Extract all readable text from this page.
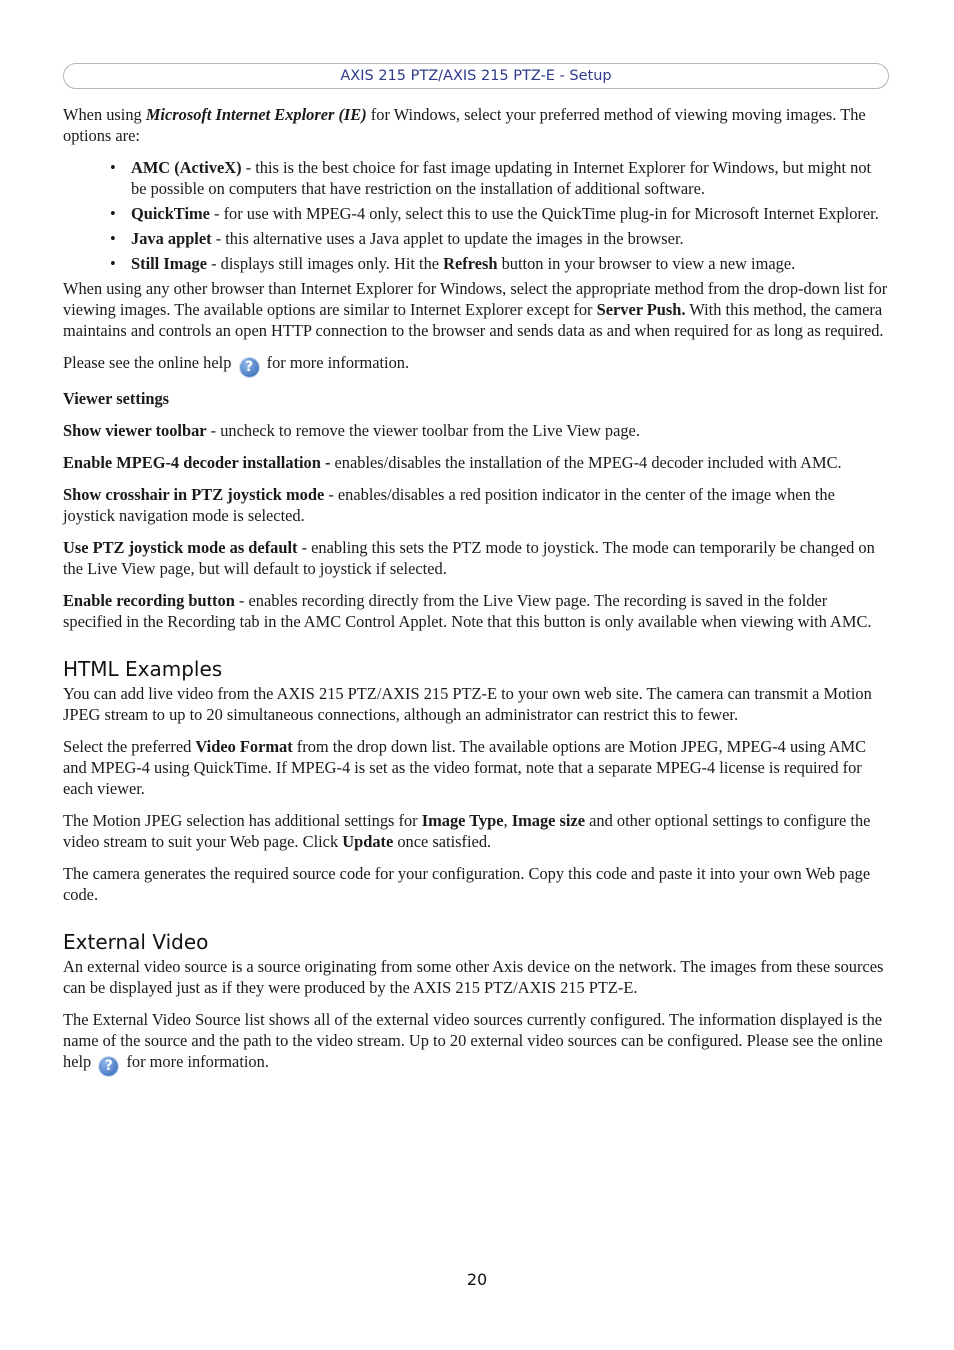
AXIS 215 PTZ/AXIS 215 PTZ-E - Setup

When using Microsoft Internet Explorer (IE) for Windows, select your preferred method of viewing moving images. The options are:

• AMC (ActiveX) - this is the best choice for fast image updating in Internet Explorer for Windows, but might not be possible on computers that have restriction on the installation of additional software.
• QuickTime - for use with MPEG-4 only, select this to use the QuickTime plug-in for Microsoft Internet Explorer.
• Java applet - this alternative uses a Java applet to update the images in the browser.
• Still Image - displays still images only. Hit the Refresh button in your browser to view a new image.

When using any other browser than Internet Explorer for Windows, select the appropriate method from the drop-down list for viewing images. The available options are similar to Internet Explorer except for Server Push. With this method, the camera maintains and controls an open HTTP connection to the browser and sends data as and when required for as long as required.

Please see the online help ? for more information.

Viewer settings

Show viewer toolbar - uncheck to remove the viewer toolbar from the Live View page.

Enable MPEG-4 decoder installation - enables/disables the installation of the MPEG-4 decoder included with AMC.

Show crosshair in PTZ joystick mode - enables/disables a red position indicator in the center of the image when the joystick navigation mode is selected.

Use PTZ joystick mode as default - enabling this sets the PTZ mode to joystick. The mode can temporarily be changed on the Live View page, but will default to joystick if selected.

Enable recording button - enables recording directly from the Live View page. The recording is saved in the folder specified in the Recording tab in the AMC Control Applet. Note that this button is only available when viewing with AMC.

HTML Examples

You can add live video from the AXIS 215 PTZ/AXIS 215 PTZ-E to your own web site. The camera can transmit a Motion JPEG stream to up to 20 simultaneous connections, although an administrator can restrict this to fewer.

Select the preferred Video Format from the drop down list. The available options are Motion JPEG, MPEG-4 using AMC and MPEG-4 using QuickTime. If MPEG-4 is set as the video format, note that a separate MPEG-4 license is required for each viewer.

The Motion JPEG selection has additional settings for Image Type, Image size and other optional settings to configure the video stream to suit your Web page. Click Update once satisfied.

The camera generates the required source code for your configuration. Copy this code and paste it into your own Web page code.

External Video

An external video source is a source originating from some other Axis device on the network. The images from these sources can be displayed just as if they were produced by the AXIS 215 PTZ/AXIS 215 PTZ-E.

The External Video Source list shows all of the external video sources currently configured. The information displayed is the name of the source and the path to the video stream. Up to 20 external video sources can be configured. Please see the online help ? for more information.

20
